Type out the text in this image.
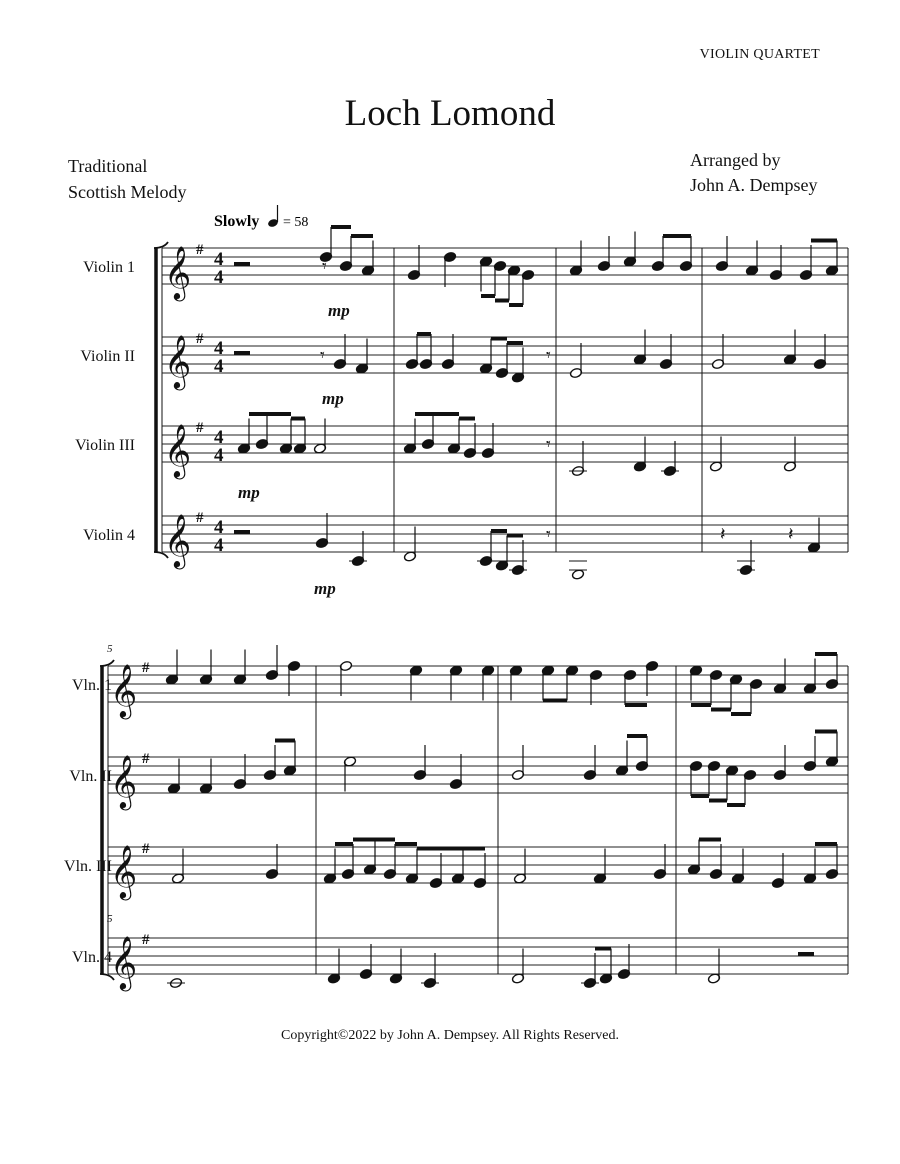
VIOLIN QUARTET
Loch Lomond
Traditional
Scottish Melody
Arranged by
John A. Dempsey
Slowly = 58
Violin 1 𝄞 # 4
4
𝄾
Violin II 𝄞 # 4
4
𝄾	𝄾
Violin III 𝄞 # 4
4
𝄾
Violin 4 𝄞 # 4
4
𝄾	𝄽	𝄽
mp
mp
mp
mp
Vln. 1
𝄞 #
Vln. II
𝄞 #
Vln. III
𝄞 #
Vln. 4
𝄞 #
5
5
Copyright©2022 by John A. Dempsey. All Rights Reserved.
